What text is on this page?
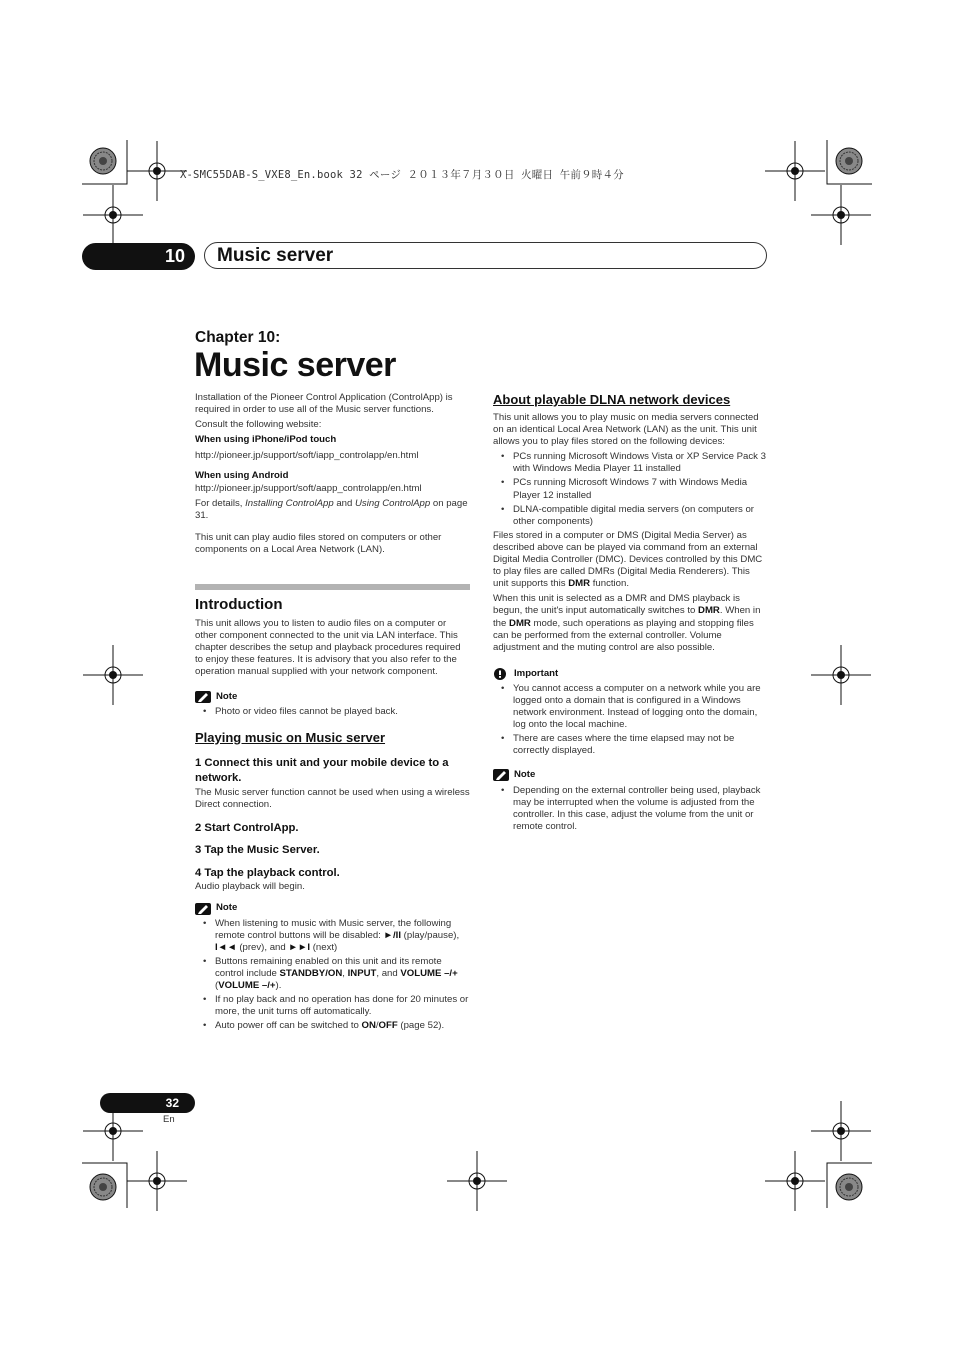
X-SMC55DAB-S_VXE8_En.book 32 ページ ２０１３年７月３０日 火曜日 午前９時４分
10	Music server
Chapter 10:
Music server

Installation of the Pioneer Control Application (ControlApp) is required in order to use all of the Music server functions.

Consult the following website:

When using iPhone/iPod touch

http://pioneer.jp/support/soft/iapp_controlapp/en.html

When using Android

http://pioneer.jp/support/soft/aapp_controlapp/en.html

For details, Installing ControlApp and Using ControlApp on page 31.

This unit can play audio files stored on computers or other components on a Local Area Network (LAN).

Introduction

This unit allows you to listen to audio files on a computer or other component connected to the unit via LAN interface. This chapter describes the setup and playback procedures required to enjoy these features. It is advisory that you also refer to the operation manual supplied with your network component.

Note
• Photo or video files cannot be played back.
Playing music on Music server
1 Connect this unit and your mobile device to a network.

The Music server function cannot be used when using a wireless Direct connection.

2 Start ControlApp.
3 Tap the Music Server.
4 Tap the playback control.

Audio playback will begin.

Note
• When listening to music with Music server, the following remote control buttons will be disabled: ►/II (play/pause), I◄◄ (prev), and ►►I (next)
• Buttons remaining enabled on this unit and its remote control include STANDBY/ON, INPUT, and VOLUME –/+ (VOLUME –/+).
• If no play back and no operation has done for 20 minutes or more, the unit turns off automatically.
• Auto power off can be switched to ON/OFF (page 52).
About playable DLNA network devices

This unit allows you to play music on media servers connected on an identical Local Area Network (LAN) as the unit. This unit allows you to play files stored on the following devices:

• PCs running Microsoft Windows Vista or XP Service Pack 3 with Windows Media Player 11 installed
• PCs running Microsoft Windows 7 with Windows Media Player 12 installed
• DLNA-compatible digital media servers (on computers or other components)

Files stored in a computer or DMS (Digital Media Server) as described above can be played via command from an external Digital Media Controller (DMC). Devices controlled by this DMC to play files are called DMRs (Digital Media Renderers). This unit supports this DMR function.

When this unit is selected as a DMR and DMS playback is begun, the unit's input automatically switches to DMR. When in the DMR mode, such operations as playing and stopping files can be performed from the external controller. Volume adjustment and the muting control are also possible.

Important
• You cannot access a computer on a network while you are logged onto a domain that is configured in a Windows network environment. Instead of logging onto the domain, log onto the local machine.
• There are cases where the time elapsed may not be correctly displayed.
Note
• Depending on the external controller being used, playback may be interrupted when the volume is adjusted from the controller. In this case, adjust the volume from the unit or remote control.
32
En
